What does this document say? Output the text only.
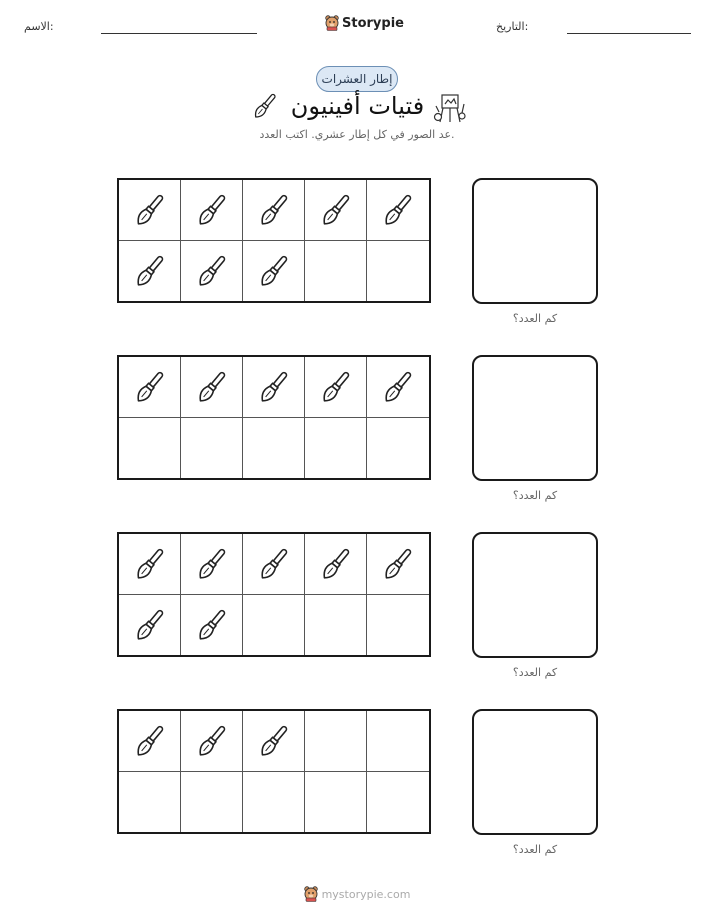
الاسم:	Storypie	التاريخ:
إطار العشرات
فتيات أفينيون
عد الصور في كل إطار عشري. اكتب العدد.
كم العدد؟
كم العدد؟
كم العدد؟
كم العدد؟
mystorypie.com
